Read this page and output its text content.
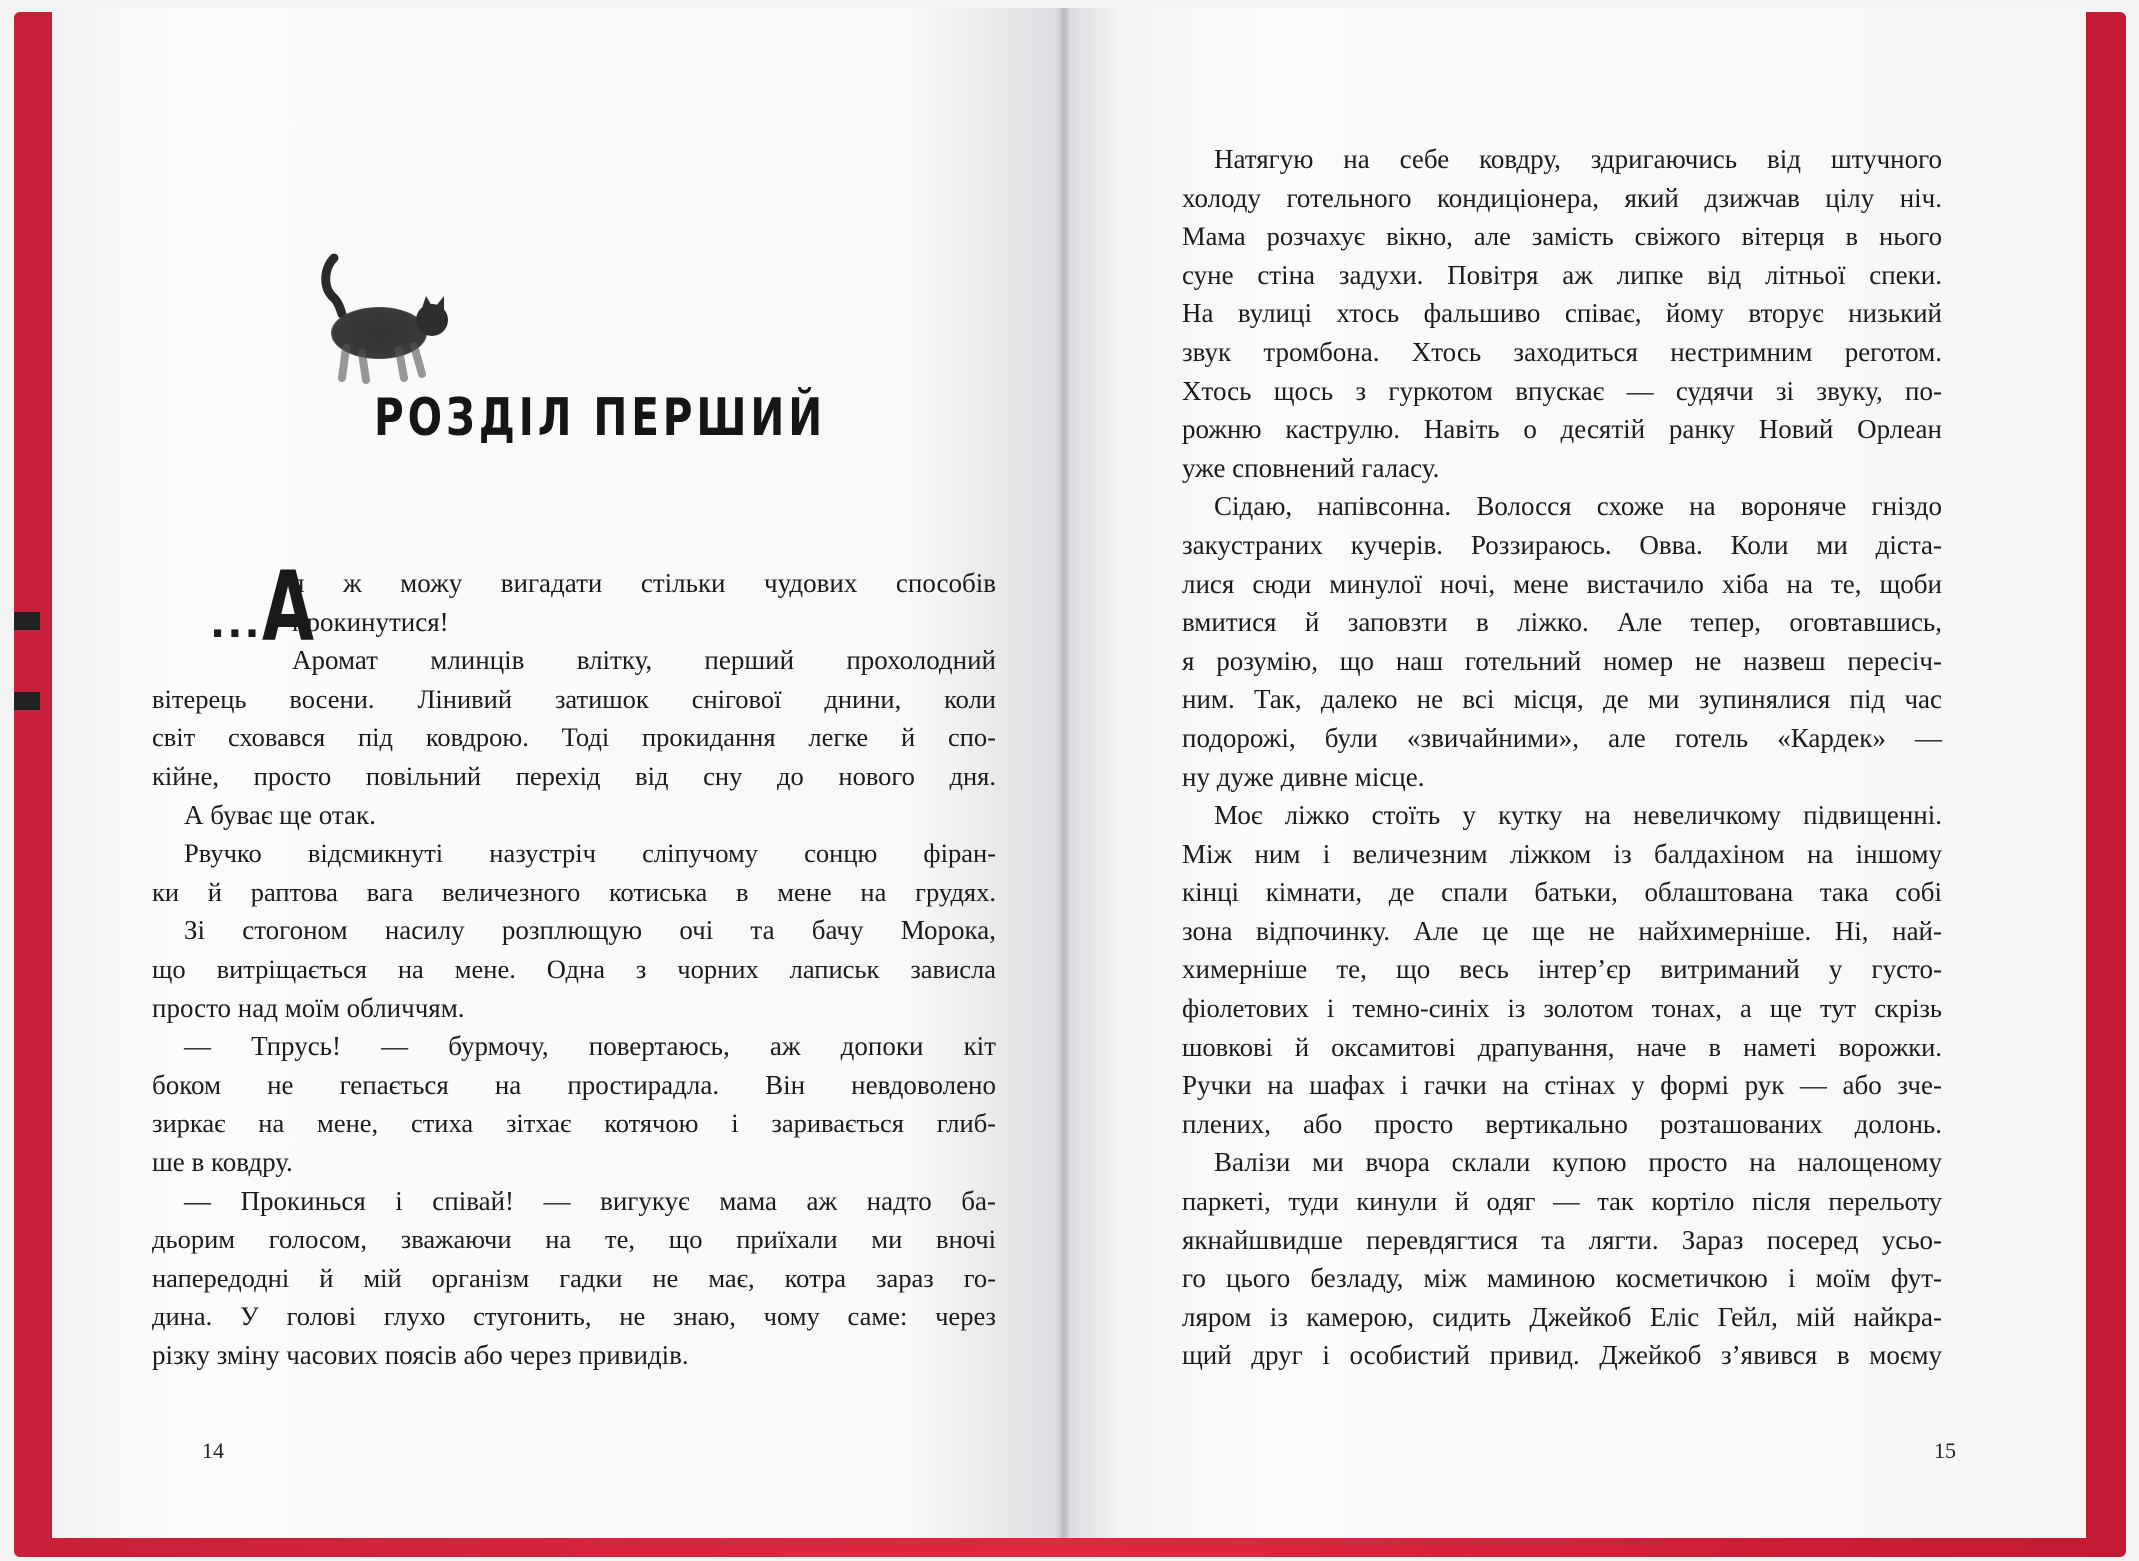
РОЗДІЛ ПЕРШИЙ
... А
я ж можу вигадати стільки чудових способів
прокинутися!
Аромат млинців влітку, перший прохолодний
вітерець восени. Лінивий затишок снігової днини, коли
світ сховався під ковдрою. Тоді прокидання легке й спо-
кійне, просто повільний перехід від сну до нового дня.
А буває ще отак.
Рвучко відсмикнуті назустріч сліпучому сонцю фіран-
ки й раптова вага величезного котиська в мене на грудях.
Зі стогоном насилу розплющую очі та бачу Морока,
що витріщається на мене. Одна з чорних лаписьк зависла
просто над моїм обличчям.
— Тпрусь! — бурмочу, повертаюсь, аж допоки кіт
боком не гепається на простирадла. Він невдоволено
зиркає на мене, стиха зітхає котячою і заривається глиб-
ше в ковдру.
— Прокинься і співай! — вигукує мама аж надто ба-
дьорим голосом, зважаючи на те, що приїхали ми вночі
напередодні й мій організм гадки не має, котра зараз го-
дина. У голові глухо стугонить, не знаю, чому саме: через
різку зміну часових поясів або через привидів.
14
Натягую на себе ковдру, здригаючись від штучного
холоду готельного кондиціонера, який дзижчав цілу ніч.
Мама розчахує вікно, але замість свіжого вітерця в нього
суне стіна задухи. Повітря аж липке від літньої спеки.
На вулиці хтось фальшиво співає, йому вторує низький
звук тромбона. Хтось заходиться нестримним реготом.
Хтось щось з гуркотом впускає — судячи зі звуку, по-
рожню каструлю. Навіть о десятій ранку Новий Орлеан
уже сповнений галасу.
Сідаю, напівсонна. Волосся схоже на вороняче гніздо
закустраних кучерів. Роззираюсь. Овва. Коли ми діста-
лися сюди минулої ночі, мене вистачило хіба на те, щоби
вмитися й заповзти в ліжко. Але тепер, оговтавшись,
я розумію, що наш готельний номер не назвеш пересіч-
ним. Так, далеко не всі місця, де ми зупинялися під час
подорожі, були «звичайними», але готель «Кардек» —
ну дуже дивне місце.
Моє ліжко стоїть у кутку на невеличкому підвищенні.
Між ним і величезним ліжком із балдахіном на іншому
кінці кімнати, де спали батьки, облаштована така собі
зона відпочинку. Але це ще не найхимерніше. Ні, най-
химерніше те, що весь інтер’єр витриманий у густо-
фіолетових і темно-синіх із золотом тонах, а ще тут скрізь
шовкові й оксамитові драпування, наче в наметі ворожки.
Ручки на шафах і гачки на стінах у формі рук — або зче-
плених, або просто вертикально розташованих долонь.
Валізи ми вчора склали купою просто на налощеному
паркеті, туди кинули й одяг — так кортіло після перельоту
якнайшвидше перевдягтися та лягти. Зараз посеред усьо-
го цього безладу, між маминою косметичкою і моїм фут-
ляром із камерою, сидить Джейкоб Еліс Гейл, мій найкра-
щий друг і особистий привид. Джейкоб з’явився в моєму
15
